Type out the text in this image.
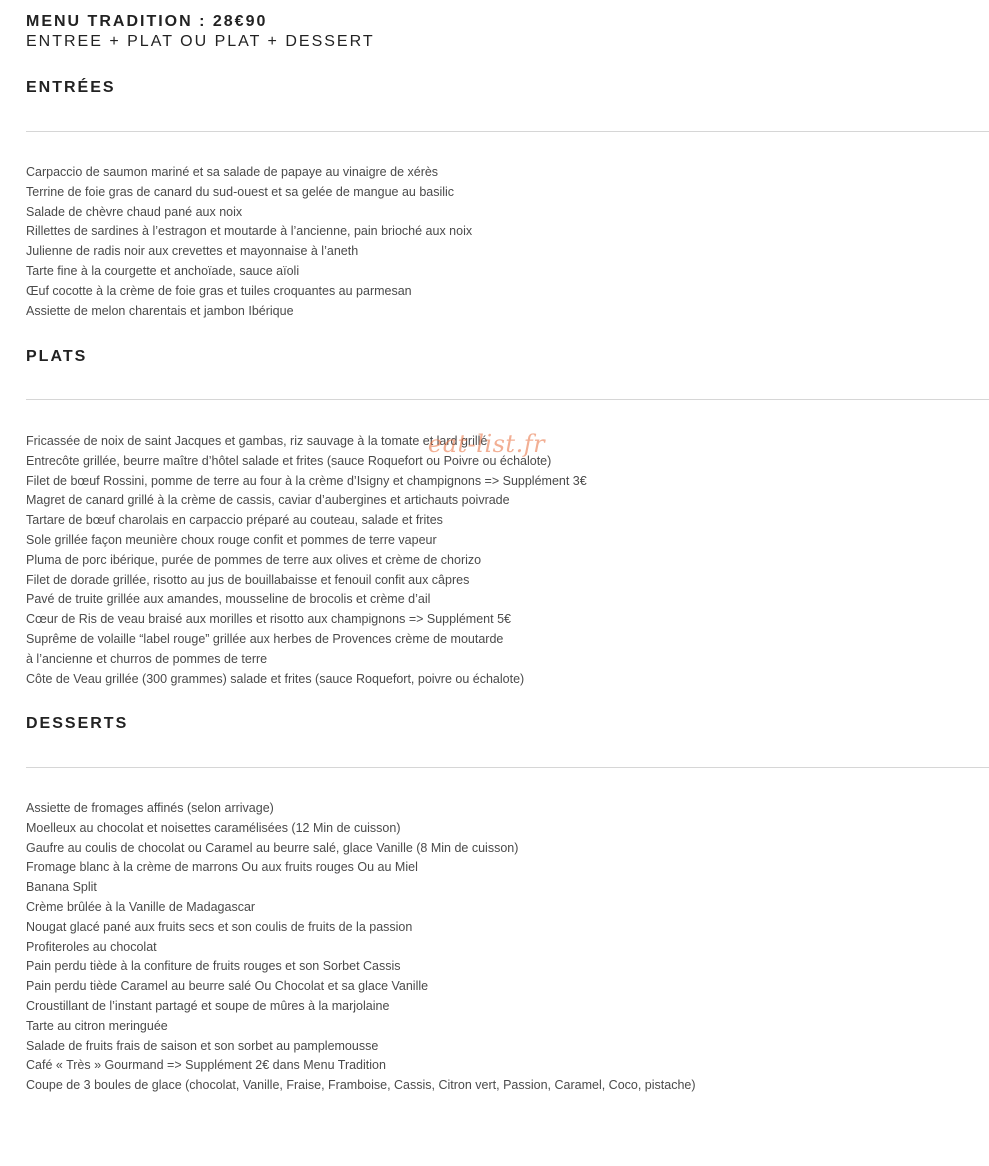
MENU TRADITION : 28€90

ENTREE + PLAT OU PLAT + DESSERT

ENTRÉES
Carpaccio de saumon mariné et sa salade de papaye au vinaigre de xérès
Terrine de foie gras de canard du sud-ouest et sa gelée de mangue au basilic
Salade de chèvre chaud pané aux noix
Rillettes de sardines à l’estragon et moutarde à l’ancienne, pain brioché aux noix
Julienne de radis noir aux crevettes et mayonnaise à l’aneth
Tarte fine à la courgette et anchoïade, sauce aïoli
Œuf cocotte à la crème de foie gras et tuiles croquantes au parmesan
Assiette de melon charentais et jambon Ibérique
PLATS
Fricassée de noix de saint Jacques et gambas, riz sauvage à la tomate et lard grillé
Entrecôte grillée, beurre maître d’hôtel salade et frites (sauce Roquefort ou Poivre ou échalote)
Filet de bœuf Rossini, pomme de terre au four à la crème d’Isigny et champignons => Supplément 3€
Magret de canard grillé à la crème de cassis, caviar d’aubergines et artichauts poivrade
Tartare de bœuf charolais en carpaccio préparé au couteau, salade et frites
Sole grillée façon meunière choux rouge confit et pommes de terre vapeur
Pluma de porc ibérique, purée de pommes de terre aux olives et crème de chorizo
Filet de dorade grillée, risotto au jus de bouillabaisse et fenouil confit aux câpres
Pavé de truite grillée aux amandes, mousseline de brocolis et crème d’ail
Cœur de Ris de veau braisé aux morilles et risotto aux champignons => Supplément 5€
Suprême de volaille “label rouge” grillée aux herbes de Provences crème de moutarde
à l’ancienne et churros de pommes de terre
Côte de Veau grillée (300 grammes) salade et frites (sauce Roquefort, poivre ou échalote)
DESSERTS
Assiette de fromages affinés (selon arrivage)
Moelleux au chocolat et noisettes caramélisées (12 Min de cuisson)
Gaufre au coulis de chocolat ou Caramel au beurre salé, glace Vanille (8 Min de cuisson)
Fromage blanc à la crème de marrons Ou aux fruits rouges Ou au Miel
Banana Split
Crème brûlée à la Vanille de Madagascar
Nougat glacé pané aux fruits secs et son coulis de fruits de la passion
Profiteroles au chocolat
Pain perdu tiède à la confiture de fruits rouges et son Sorbet Cassis
Pain perdu tiède Caramel au beurre salé Ou Chocolat et sa glace Vanille
Croustillant de l’instant partagé et soupe de mûres à la marjolaine
Tarte au citron meringuée
Salade de fruits frais de saison et son sorbet au pamplemousse
Café « Très » Gourmand => Supplément 2€ dans Menu Tradition
Coupe de 3 boules de glace (chocolat, Vanille, Fraise, Framboise, Cassis, Citron vert, Passion, Caramel, Coco, pistache)
eat-list.fr
